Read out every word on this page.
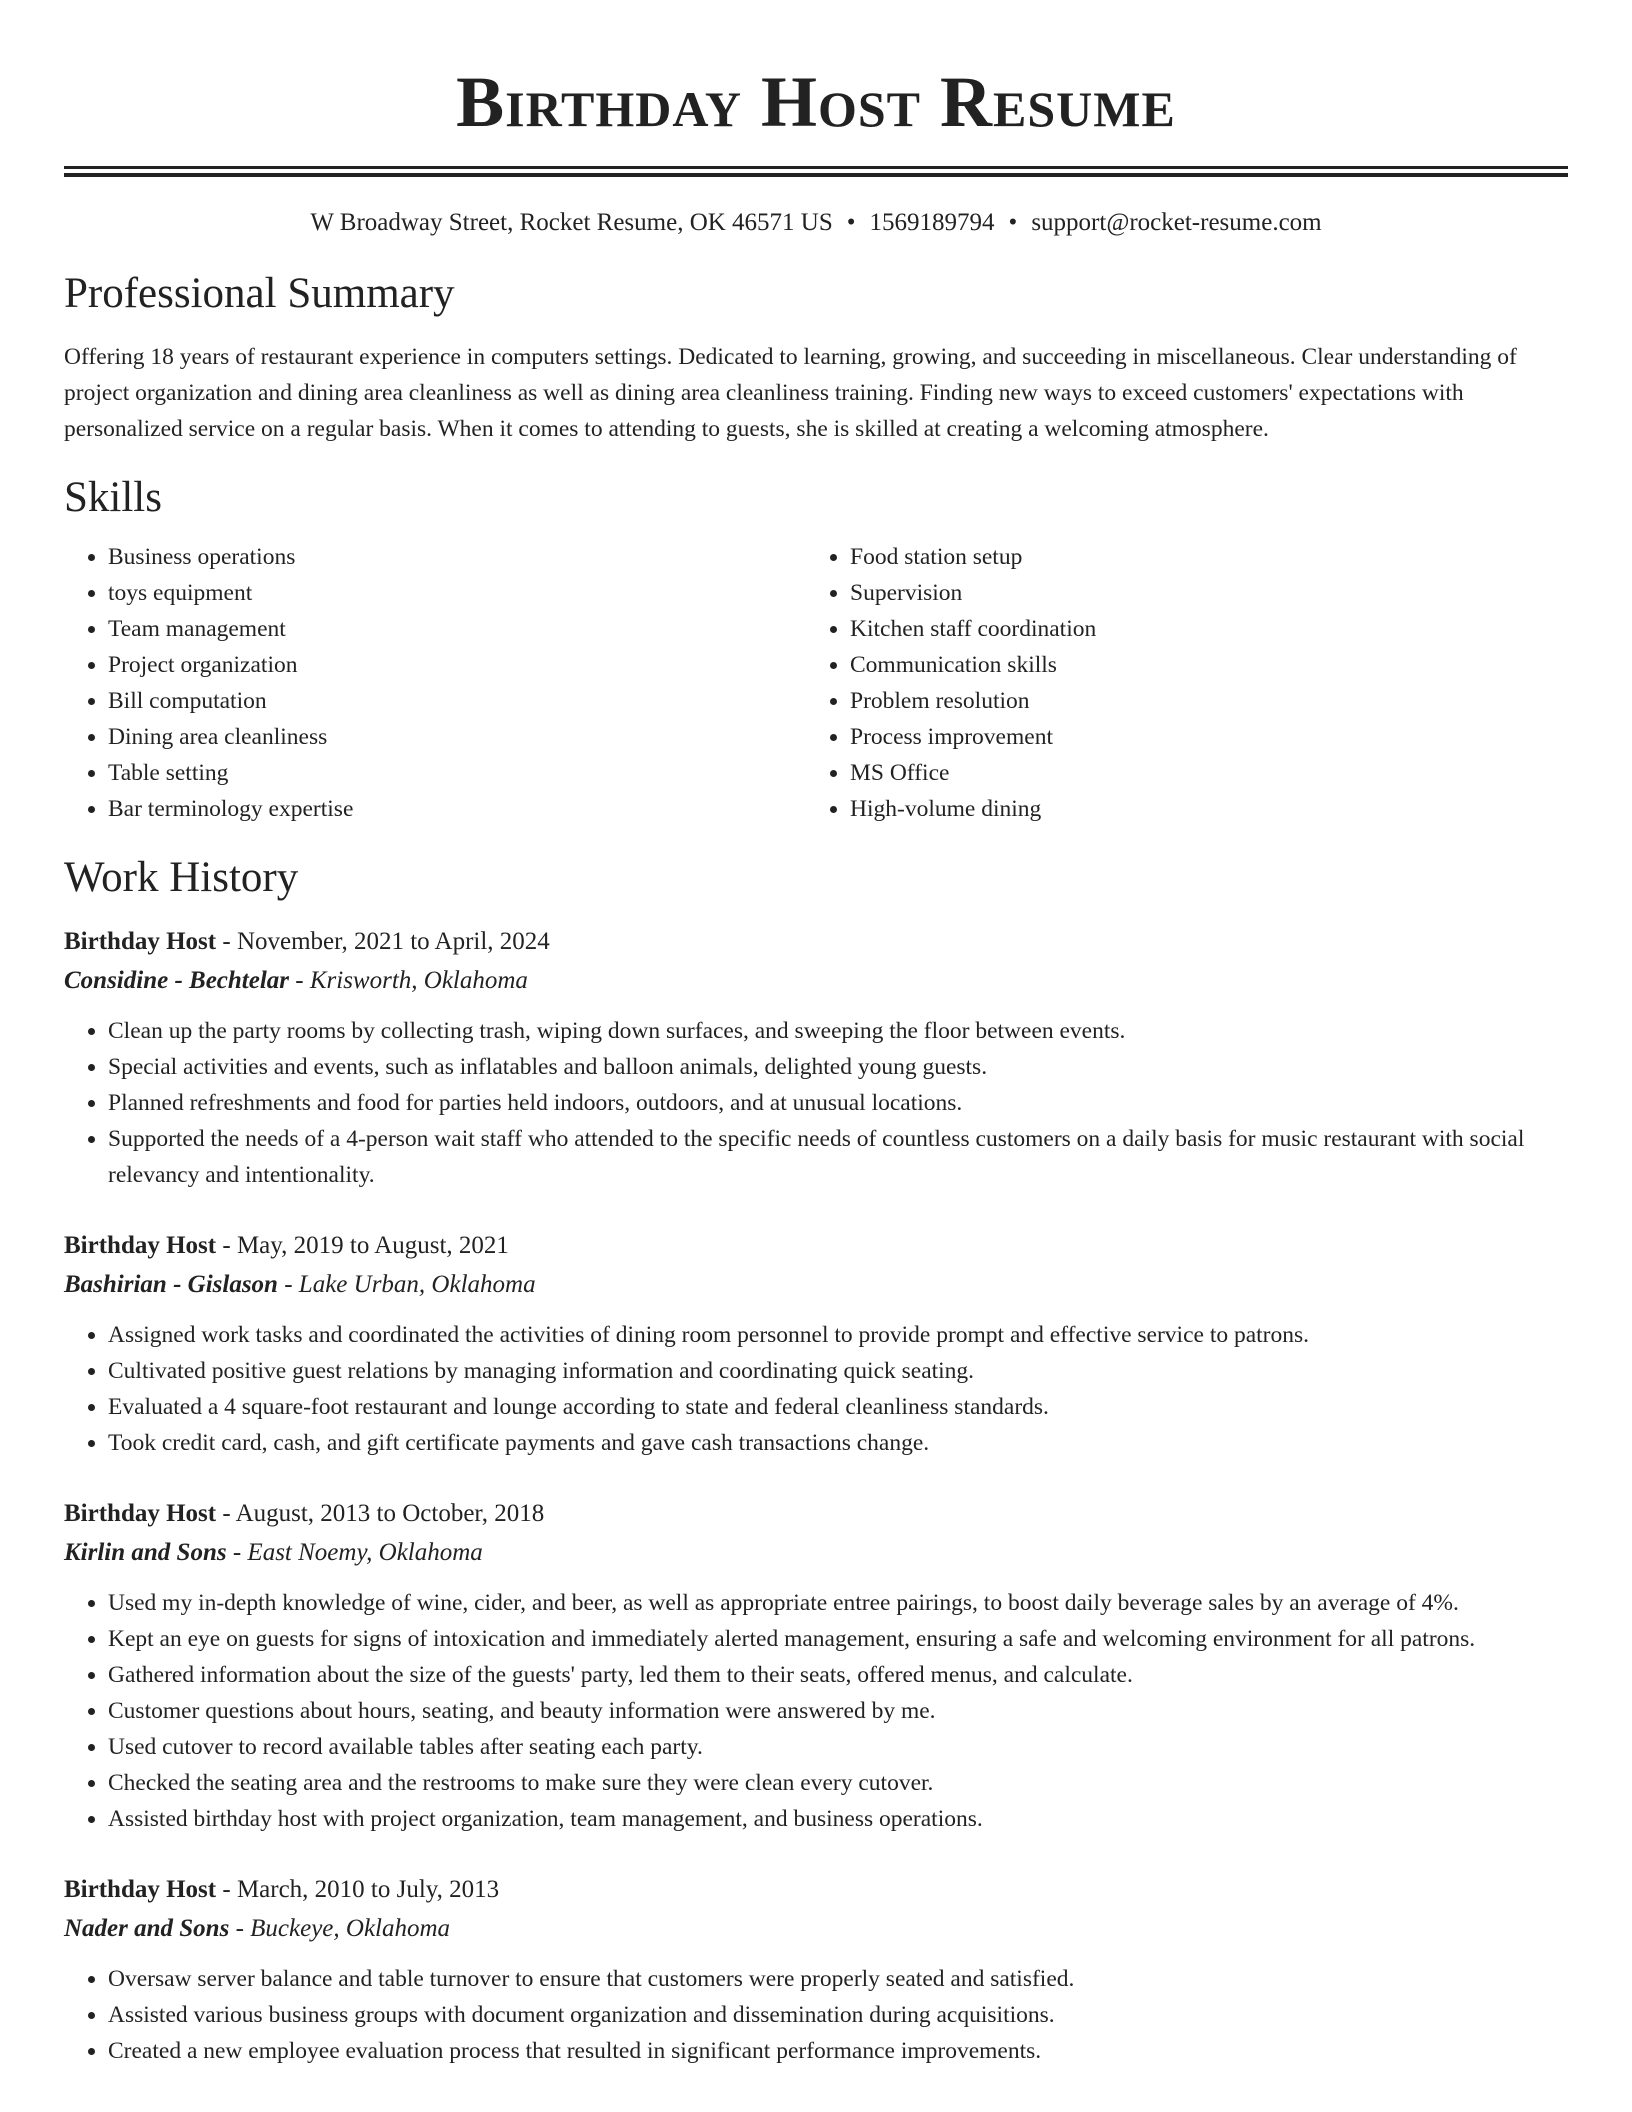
Birthday Host Resume
W Broadway Street, Rocket Resume, OK 46571 US • 1569189794 • support@rocket-resume.com
Professional Summary
Offering 18 years of restaurant experience in computers settings. Dedicated to learning, growing, and succeeding in miscellaneous. Clear understanding of project organization and dining area cleanliness as well as dining area cleanliness training. Finding new ways to exceed customers' expectations with personalized service on a regular basis. When it comes to attending to guests, she is skilled at creating a welcoming atmosphere.
Skills
• Business operations
• toys equipment
• Team management
• Project organization
• Bill computation
• Dining area cleanliness
• Table setting
• Bar terminology expertise
• Food station setup
• Supervision
• Kitchen staff coordination
• Communication skills
• Problem resolution
• Process improvement
• MS Office
• High-volume dining
Work History
Birthday Host - November, 2021 to April, 2024
Considine - Bechtelar - Krisworth, Oklahoma
• Clean up the party rooms by collecting trash, wiping down surfaces, and sweeping the floor between events.
• Special activities and events, such as inflatables and balloon animals, delighted young guests.
• Planned refreshments and food for parties held indoors, outdoors, and at unusual locations.
• Supported the needs of a 4-person wait staff who attended to the specific needs of countless customers on a daily basis for music restaurant with social relevancy and intentionality.
Birthday Host - May, 2019 to August, 2021
Bashirian - Gislason - Lake Urban, Oklahoma
• Assigned work tasks and coordinated the activities of dining room personnel to provide prompt and effective service to patrons.
• Cultivated positive guest relations by managing information and coordinating quick seating.
• Evaluated a 4 square-foot restaurant and lounge according to state and federal cleanliness standards.
• Took credit card, cash, and gift certificate payments and gave cash transactions change.
Birthday Host - August, 2013 to October, 2018
Kirlin and Sons - East Noemy, Oklahoma
• Used my in-depth knowledge of wine, cider, and beer, as well as appropriate entree pairings, to boost daily beverage sales by an average of 4%.
• Kept an eye on guests for signs of intoxication and immediately alerted management, ensuring a safe and welcoming environment for all patrons.
• Gathered information about the size of the guests' party, led them to their seats, offered menus, and calculate.
• Customer questions about hours, seating, and beauty information were answered by me.
• Used cutover to record available tables after seating each party.
• Checked the seating area and the restrooms to make sure they were clean every cutover.
• Assisted birthday host with project organization, team management, and business operations.
Birthday Host - March, 2010 to July, 2013
Nader and Sons - Buckeye, Oklahoma
• Oversaw server balance and table turnover to ensure that customers were properly seated and satisfied.
• Assisted various business groups with document organization and dissemination during acquisitions.
• Created a new employee evaluation process that resulted in significant performance improvements.
